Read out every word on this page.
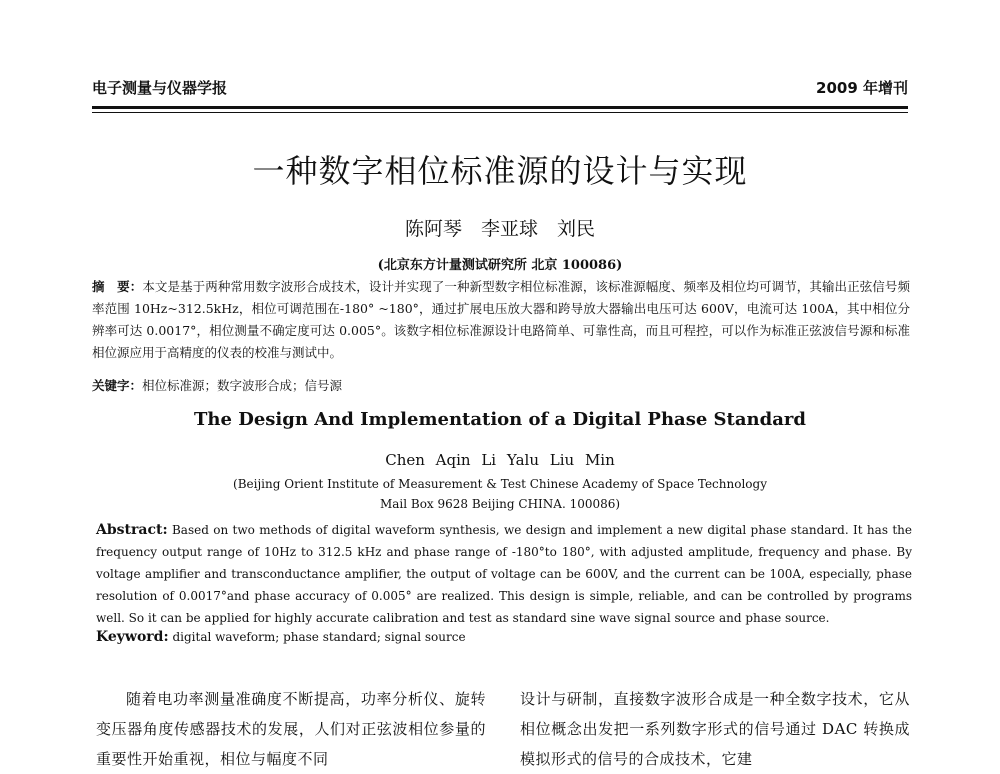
电子测量与仪器学报	2009 年增刊
一种数字相位标准源的设计与实现
陈阿琴　李亚球　刘民
(北京东方计量测试研究所 北京 100086)
摘　要：本文是基于两种常用数字波形合成技术，设计并实现了一种新型数字相位标准源，该标准源幅度、频率及相位均可调节，其输出正弦信号频率范围 10Hz~312.5kHz，相位可调范围在-180° ~180°，通过扩展电压放大器和跨导放大器输出电压可达 600V，电流可达 100A，其中相位分辨率可达 0.0017°，相位测量不确定度可达 0.005°。该数字相位标准源设计电路简单、可靠性高，而且可程控，可以作为标准正弦波信号源和标准相位源应用于高精度的仪表的校准与测试中。
关键字：相位标准源；数字波形合成；信号源
The Design And Implementation of a Digital Phase Standard
Chen Aqin Li Yalu Liu Min
(Beijing Orient Institute of Measurement & Test Chinese Academy of Space Technology
Mail Box 9628 Beijing CHINA. 100086)
Abstract: Based on two methods of digital waveform synthesis, we design and implement a new digital phase standard. It has the frequency output range of 10Hz to 312.5 kHz and phase range of -180°to 180°, with adjusted amplitude, frequency and phase. By voltage amplifier and transconductance amplifier, the output of voltage can be 600V, and the current can be 100A, especially, phase resolution of 0.0017°and phase accuracy of 0.005° are realized. This design is simple, reliable, and can be controlled by programs well. So it can be applied for highly accurate calibration and test as standard sine wave signal source and phase source.
Keyword: digital waveform; phase standard; signal source
随着电功率测量准确度不断提高，功率分析仪、旋转变压器角度传感器技术的发展，人们对正弦波相位参量的重要性开始重视，相位与幅度不同
设计与研制，直接数字波形合成是一种全数字技术，它从相位概念出发把一系列数字形式的信号通过 DAC 转换成模拟形式的信号的合成技术，它建
